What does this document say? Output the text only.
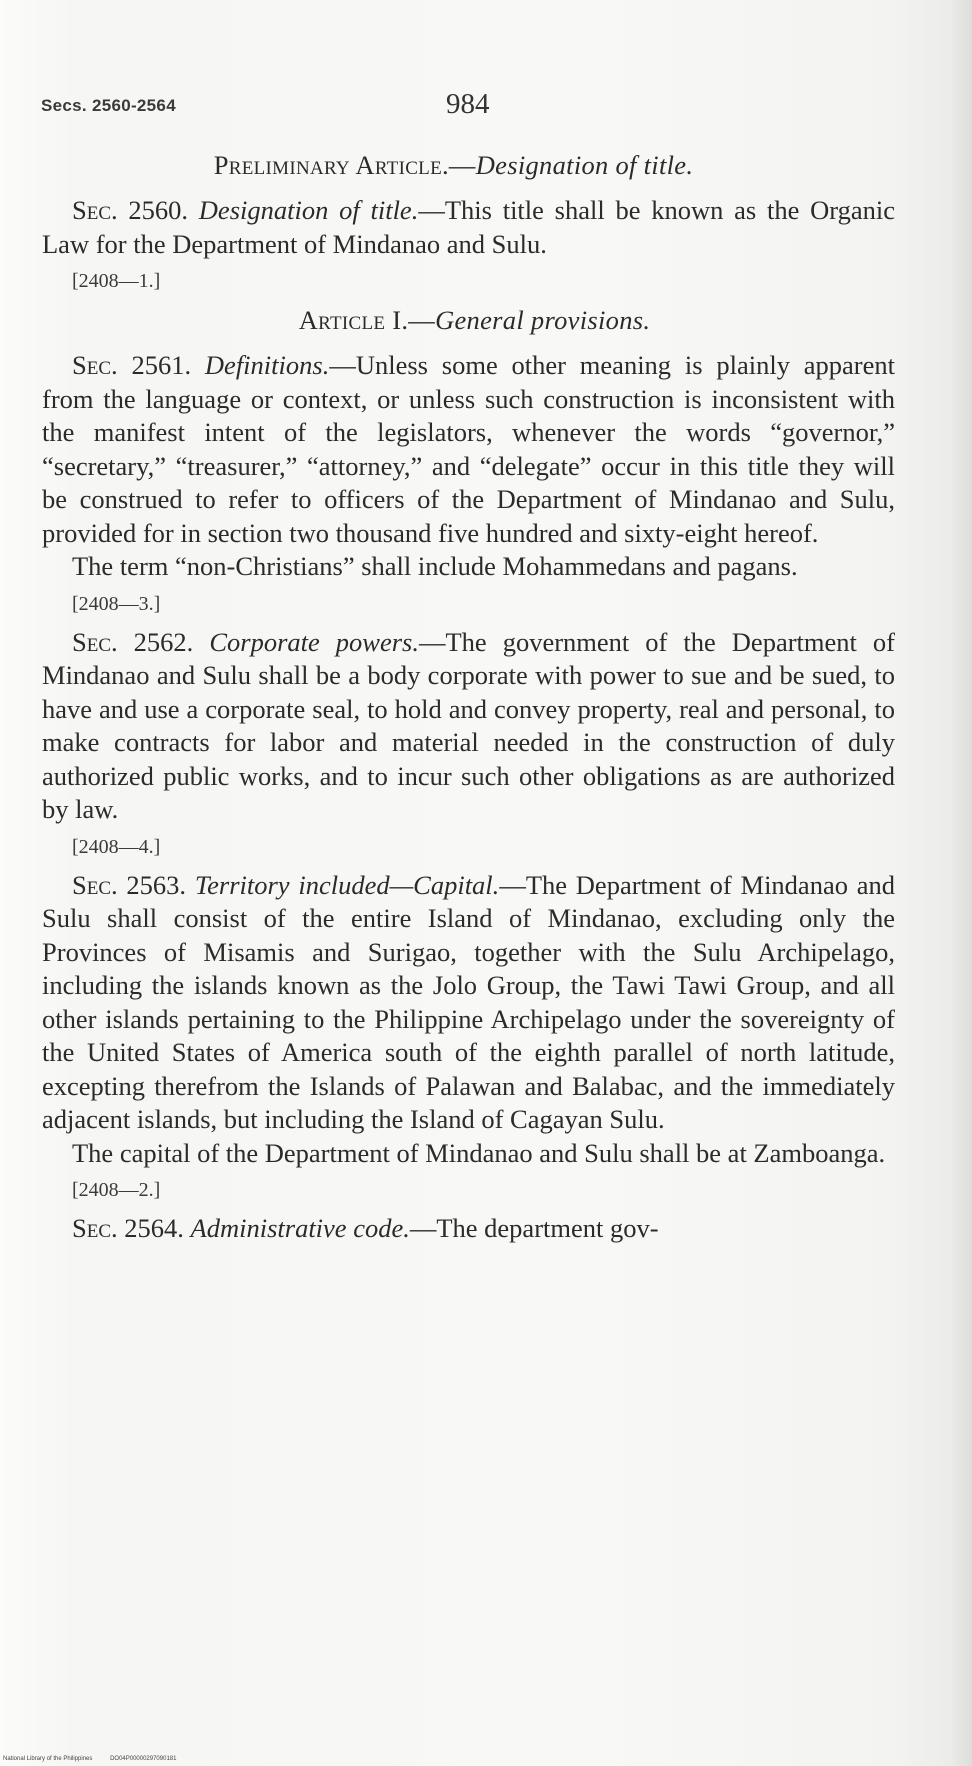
Secs. 2560-2564	984

Preliminary Article.—Designation of title.

Sec. 2560. Designation of title.—This title shall be known as the Organic Law for the Department of Mindanao and Sulu.

[2408—1.]

Article I.—General provisions.

Sec. 2561. Definitions.—Unless some other meaning is plainly apparent from the language or context, or unless such construction is inconsistent with the manifest intent of the legislators, whenever the words “governor,” “secretary,” “treasurer,” “attorney,” and “delegate” occur in this title they will be construed to refer to officers of the Department of Mindanao and Sulu, provided for in section two thousand five hundred and sixty-eight hereof.

The term “non-Christians” shall include Mohammedans and pagans.

[2408—3.]

Sec. 2562. Corporate powers.—The government of the Department of Mindanao and Sulu shall be a body corporate with power to sue and be sued, to have and use a corporate seal, to hold and convey property, real and personal, to make contracts for labor and material needed in the construction of duly authorized public works, and to incur such other obligations as are authorized by law.

[2408—4.]

Sec. 2563. Territory included—Capital.—The Department of Mindanao and Sulu shall consist of the entire Island of Mindanao, excluding only the Provinces of Misamis and Surigao, together with the Sulu Archipelago, including the islands known as the Jolo Group, the Tawi Tawi Group, and all other islands pertaining to the Philippine Archipelago under the sovereignty of the United States of America south of the eighth parallel of north latitude, excepting therefrom the Islands of Palawan and Balabac, and the immediately adjacent islands, but including the Island of Cagayan Sulu.

The capital of the Department of Mindanao and Sulu shall be at Zamboanga.

[2408—2.]

Sec. 2564. Administrative code.—The department gov-

National Library of the Philippines	DO04P00000297090181
